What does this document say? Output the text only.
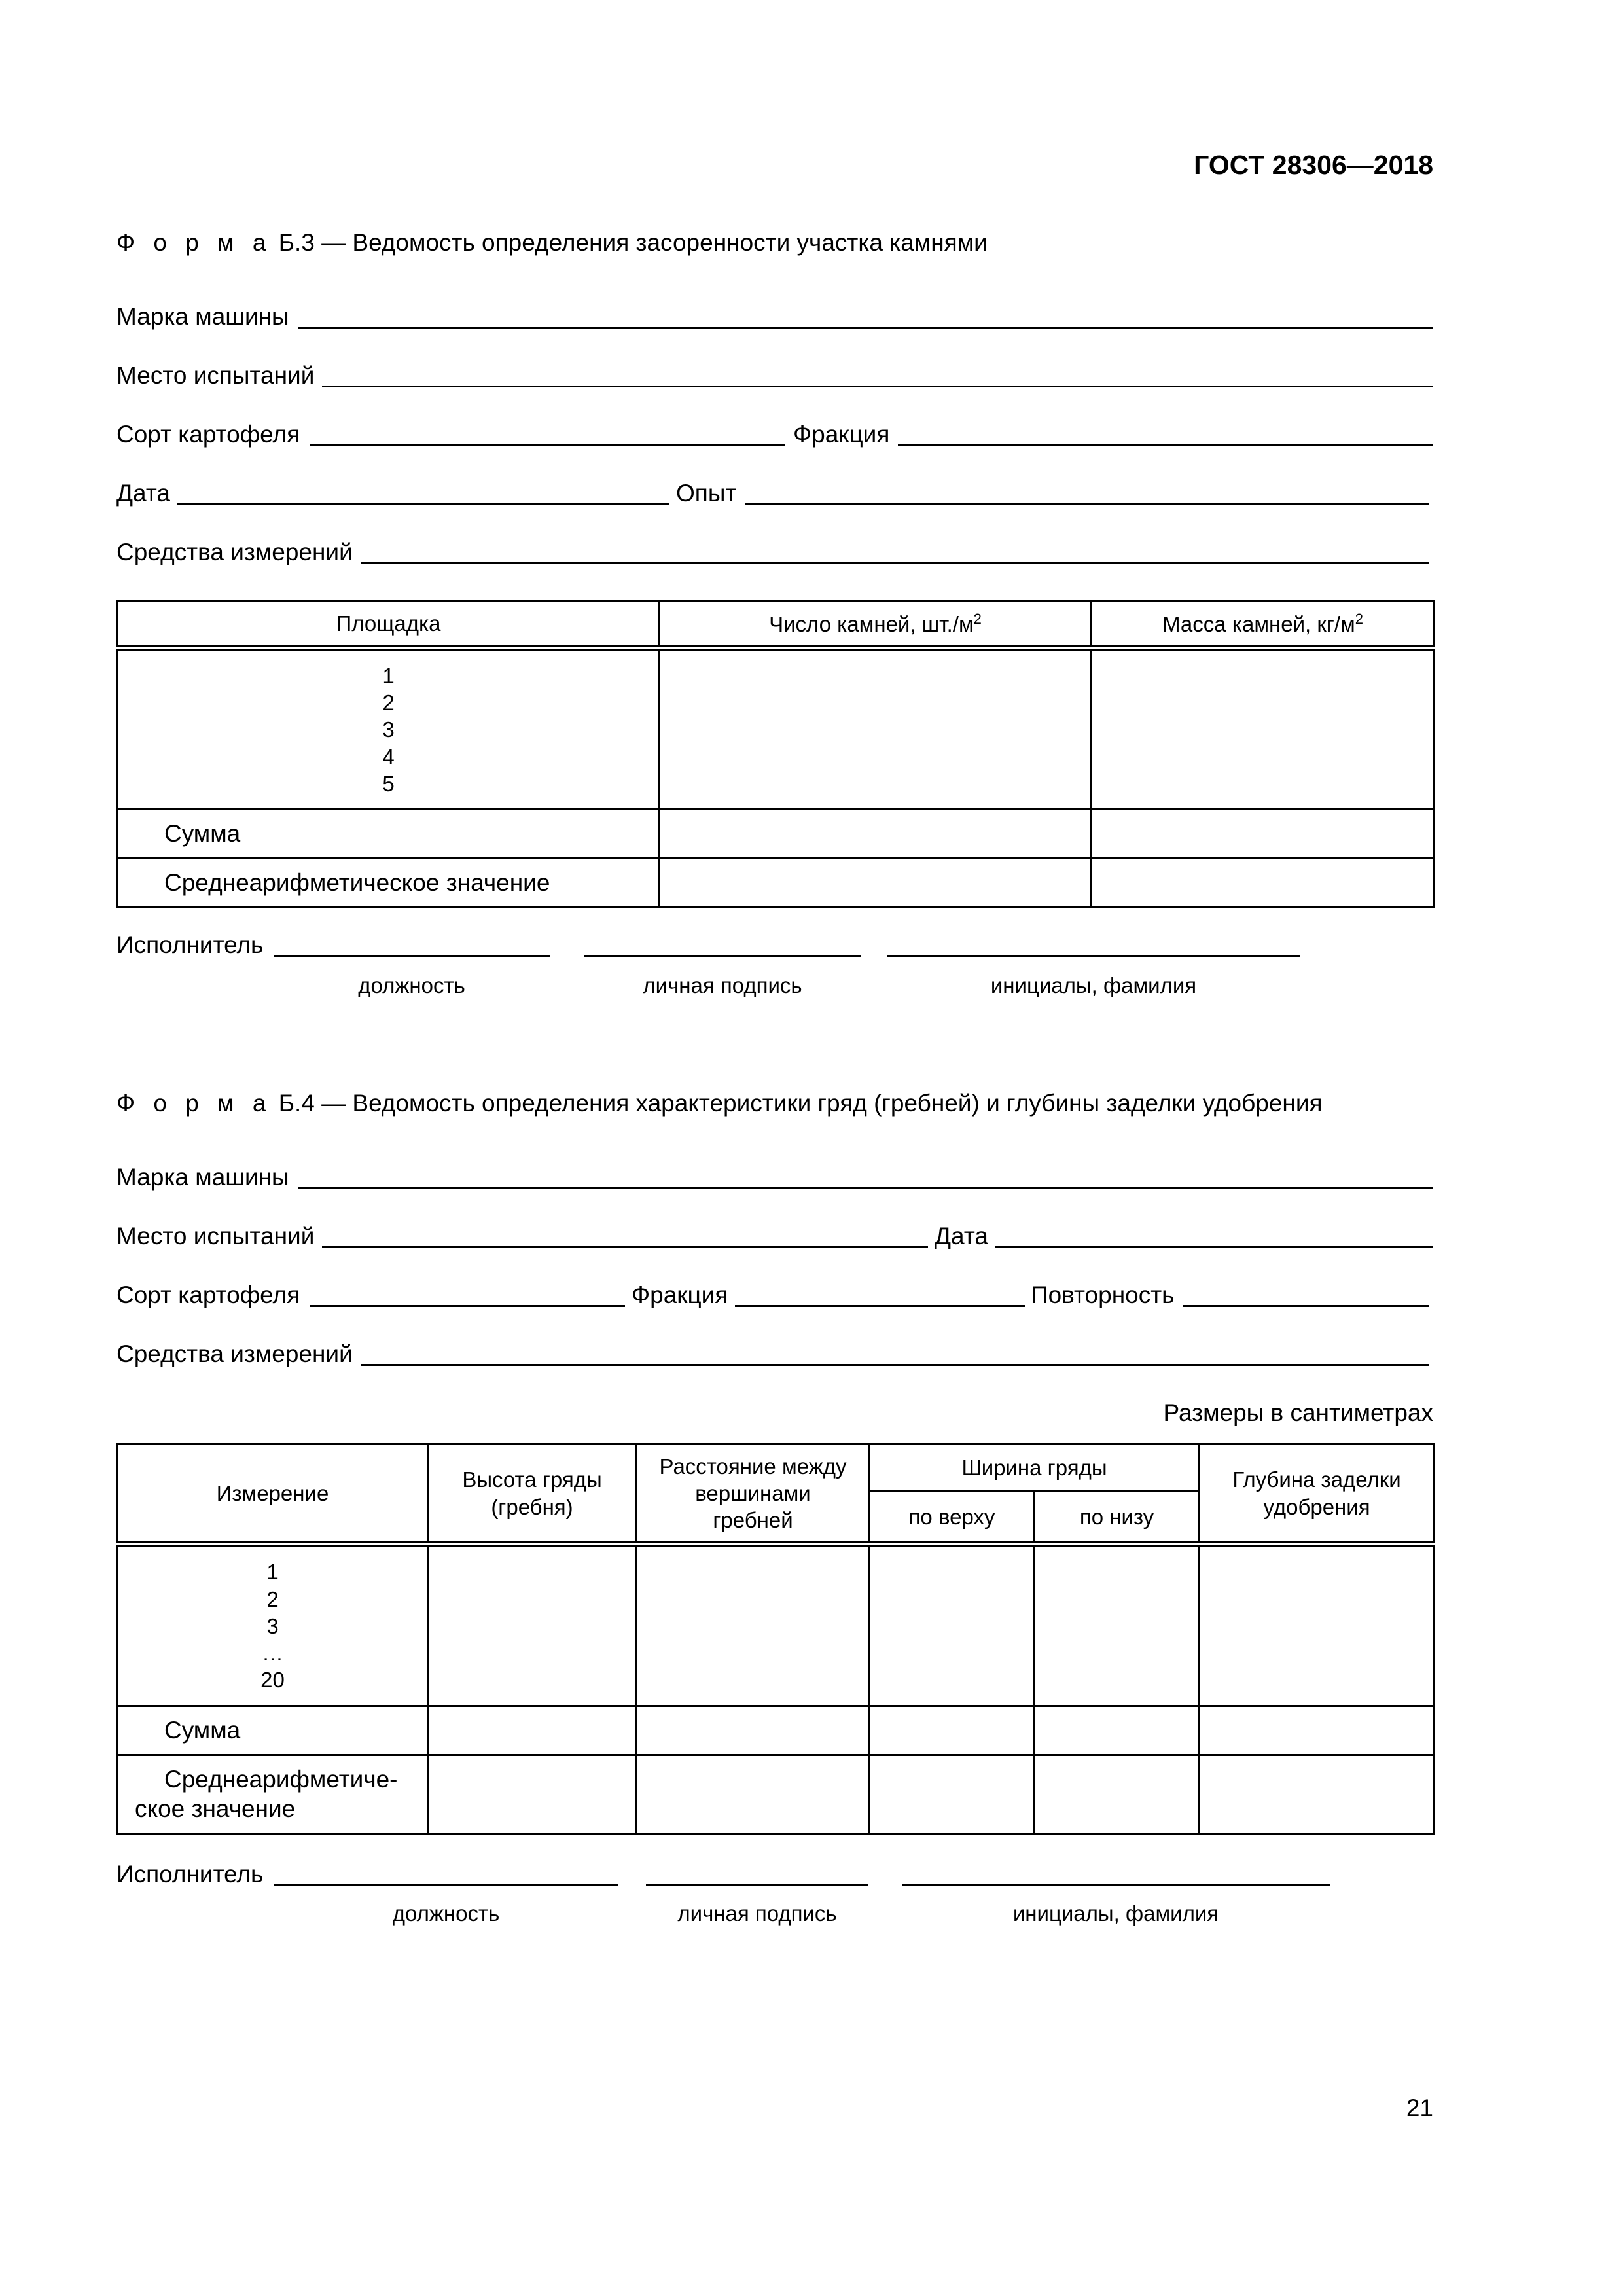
ГОСТ 28306—2018
Ф о р м а Б.3 — Ведомость определения засоренности участка камнями
Марка машины
Место испытаний
Сорт картофеля	Фракция
Дата	Опыт
Средства измерений
Площадка	Число камней, $шт./м^2$	Масса камней, $кг/м^2$

1
2
3
4
5		

Сумма		
Среднеарифметическое значение		
Исполнитель
должность	личная подпись	инициалы, фамилия
Ф о р м а Б.4 — Ведомость определения характеристики гряд (гребней) и глубины заделки удобрения
Марка машины
Место испытаний	Дата
Сорт картофеля	Фракция	Повторность
Средства измерений
Размеры в сантиметрах
Измерение	Высота гряды (гребня)	Расстояние между вершинами гребней	Ширина гряды		Глубина заделки удобрения
			по верху	по низу	

1
2
3
…
20					

Сумма					

Среднеарифметиче-ское значение					

Исполнитель
должность	личная подпись	инициалы, фамилия
21
